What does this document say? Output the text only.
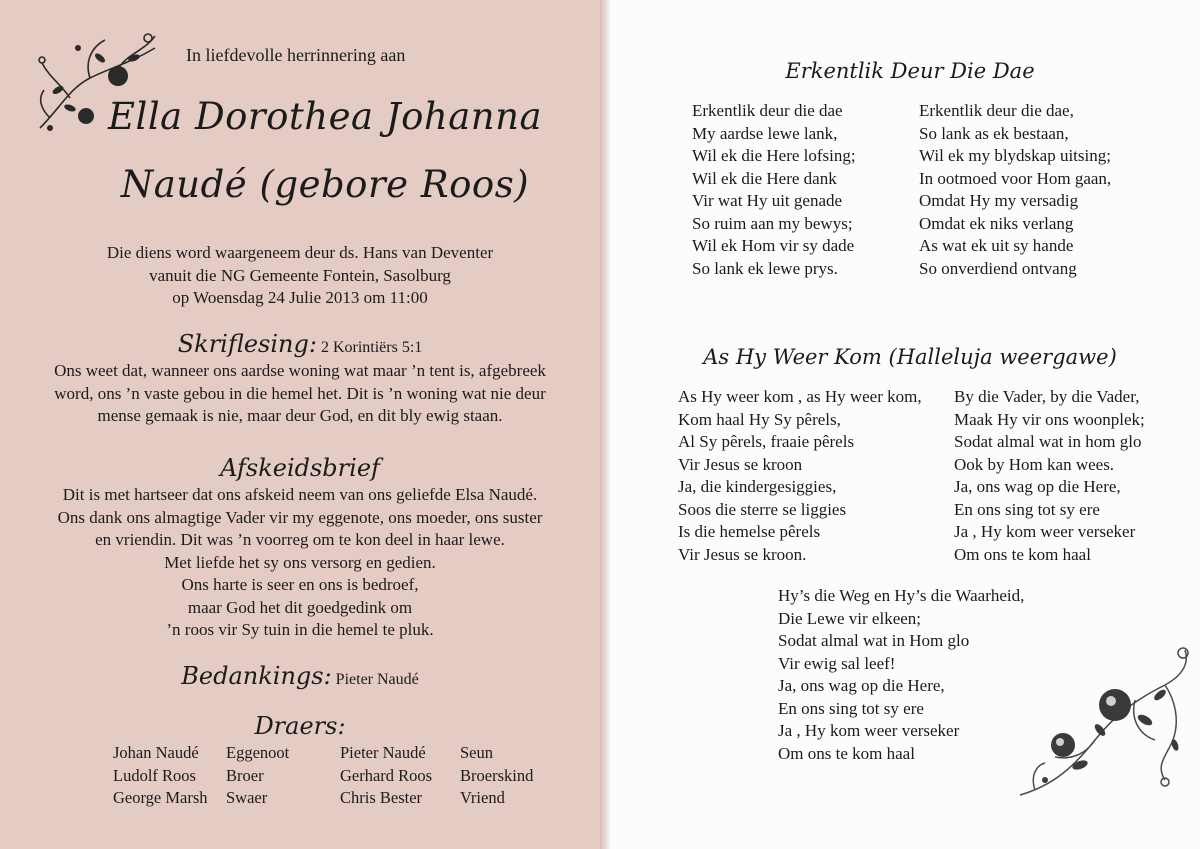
In liefdevolle herrinnering aan
Ella Dorothea Johanna
Naudé (gebore Roos)
Die diens word waargeneem deur ds. Hans van Deventer
vanuit die NG Gemeente Fontein, Sasolburg
op Woensdag 24 Julie 2013 om 11:00
Skriflesing: 2 Korintiërs 5:1
Ons weet dat, wanneer ons aardse woning wat maar ’n tent is, afgebreek
word, ons ’n vaste gebou in die hemel het. Dit is ’n woning wat nie deur
mense gemaak is nie, maar deur God, en dit bly ewig staan.
Afskeidsbrief
Dit is met hartseer dat ons afskeid neem van ons geliefde Elsa Naudé.
Ons dank ons almagtige Vader vir my eggenote, ons moeder, ons suster
en vriendin. Dit was ’n voorreg om te kon deel in haar lewe.
Met liefde het sy ons versorg en gedien.
Ons harte is seer en ons is bedroef,
maar God het dit goedgedink om
’n roos vir Sy tuin in die hemel te pluk.
Bedankings: Pieter Naudé
Draers:
Johan Naudé
Ludolf Roos
George Marsh
Eggenoot
Broer
Swaer
Pieter Naudé
Gerhard Roos
Chris Bester
Seun
Broerskind
Vriend
Erkentlik Deur Die Dae
Erkentlik deur die dae
My aardse lewe lank,
Wil ek die Here lofsing;
Wil ek die Here dank
Vir wat Hy uit genade
So ruim aan my bewys;
Wil ek Hom vir sy dade
So lank ek lewe prys.
Erkentlik deur die dae,
So lank as ek bestaan,
Wil ek my blydskap uitsing;
In ootmoed voor Hom gaan,
Omdat Hy my versadig
Omdat ek niks verlang
As wat ek uit sy hande
So onverdiend ontvang
As Hy Weer Kom (Halleluja weergawe)
As Hy weer kom , as Hy weer kom,
Kom haal Hy Sy pêrels,
Al Sy pêrels, fraaie pêrels
Vir Jesus se kroon
Ja, die kindergesiggies,
Soos die sterre se liggies
Is die hemelse pêrels
Vir Jesus se kroon.
By die Vader, by die Vader,
Maak Hy vir ons woonplek;
Sodat almal wat in hom glo
Ook by Hom kan wees.
Ja, ons wag op die Here,
En ons sing tot sy ere
Ja , Hy kom weer verseker
Om ons te kom haal
Hy’s die Weg en Hy’s die Waarheid,
Die Lewe vir elkeen;
Sodat almal wat in Hom glo
Vir ewig sal leef!
Ja, ons wag op die Here,
En ons sing tot sy ere
Ja , Hy kom weer verseker
Om ons te kom haal
